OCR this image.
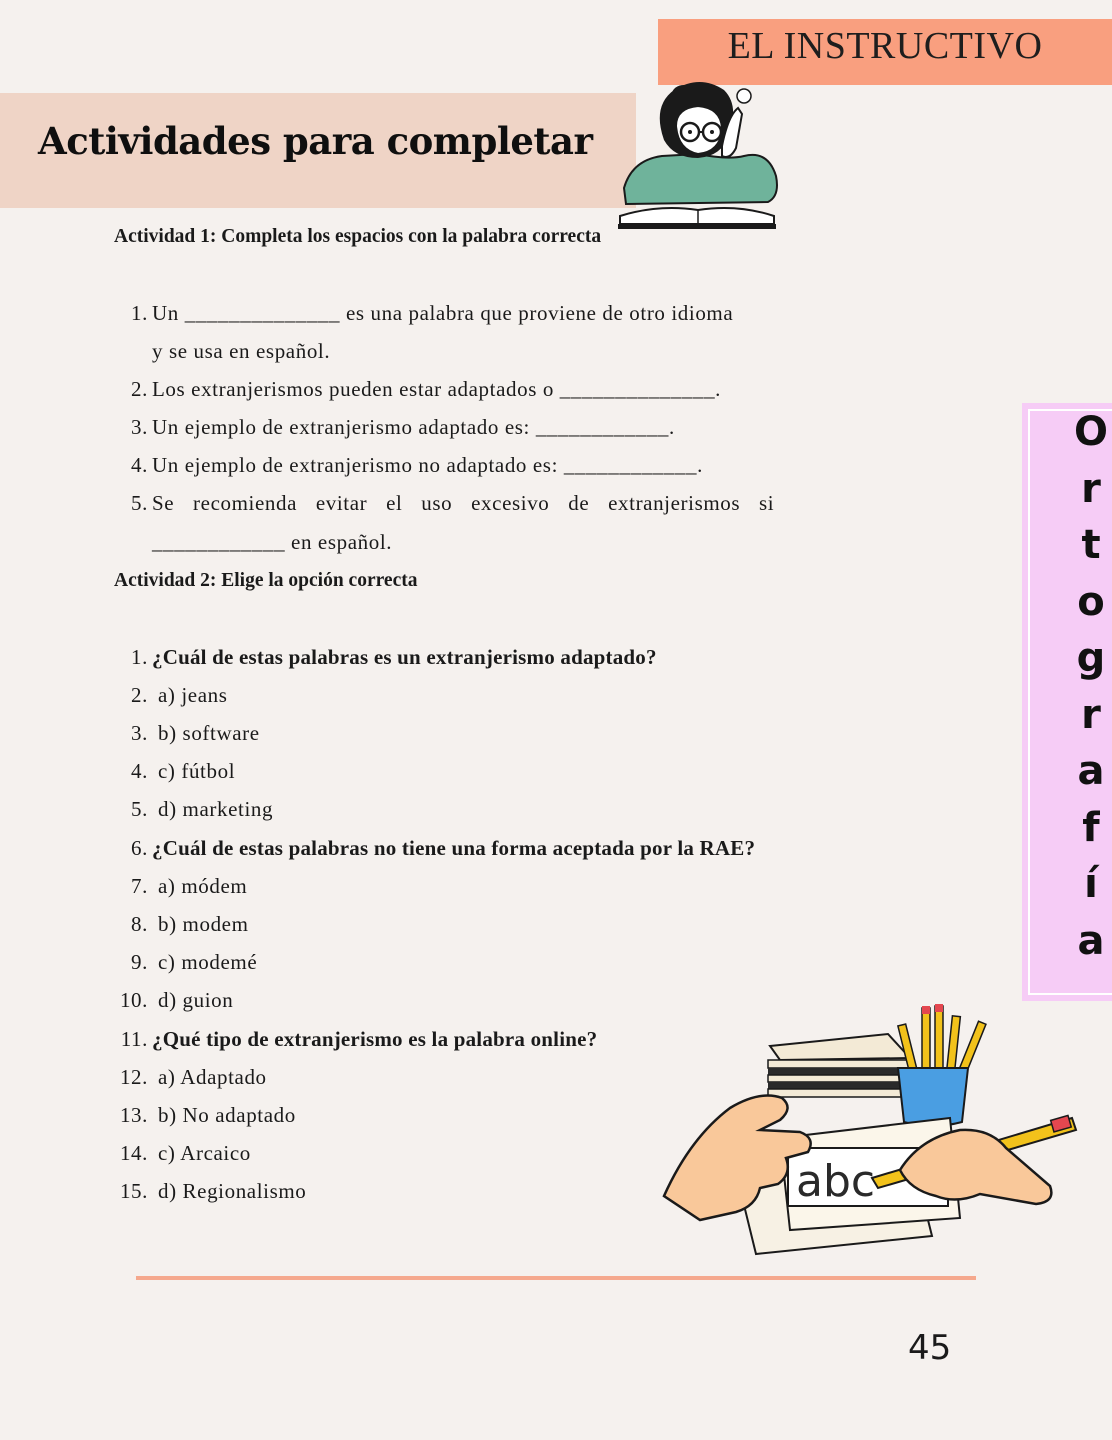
EL INSTRUCTIVO
Actividades para completar
O
r
t
o
g
r
a
f
í
a
Actividad 1: Completa los espacios con la palabra correcta
1. Un ______________ es una palabra que proviene de otro idioma
y se usa en español.
2. Los extranjerismos pueden estar adaptados o ______________.
3. Un ejemplo de extranjerismo adaptado es: ____________.
4. Un ejemplo de extranjerismo no adaptado es: ____________.
5. Se recomienda evitar el uso excesivo de extranjerismos si
____________ en español.
Actividad 2: Elige la opción correcta
1. ¿Cuál de estas palabras es un extranjerismo adaptado?
2. a) jeans
3. b) software
4. c) fútbol
5. d) marketing
6. ¿Cuál de estas palabras no tiene una forma aceptada por la RAE?
7. a) módem
8. b) modem
9. c) modemé
10. d) guion
11. ¿Qué tipo de extranjerismo es la palabra online?
12. a) Adaptado
13. b) No adaptado
14. c) Arcaico
15. d) Regionalismo	abc
45
